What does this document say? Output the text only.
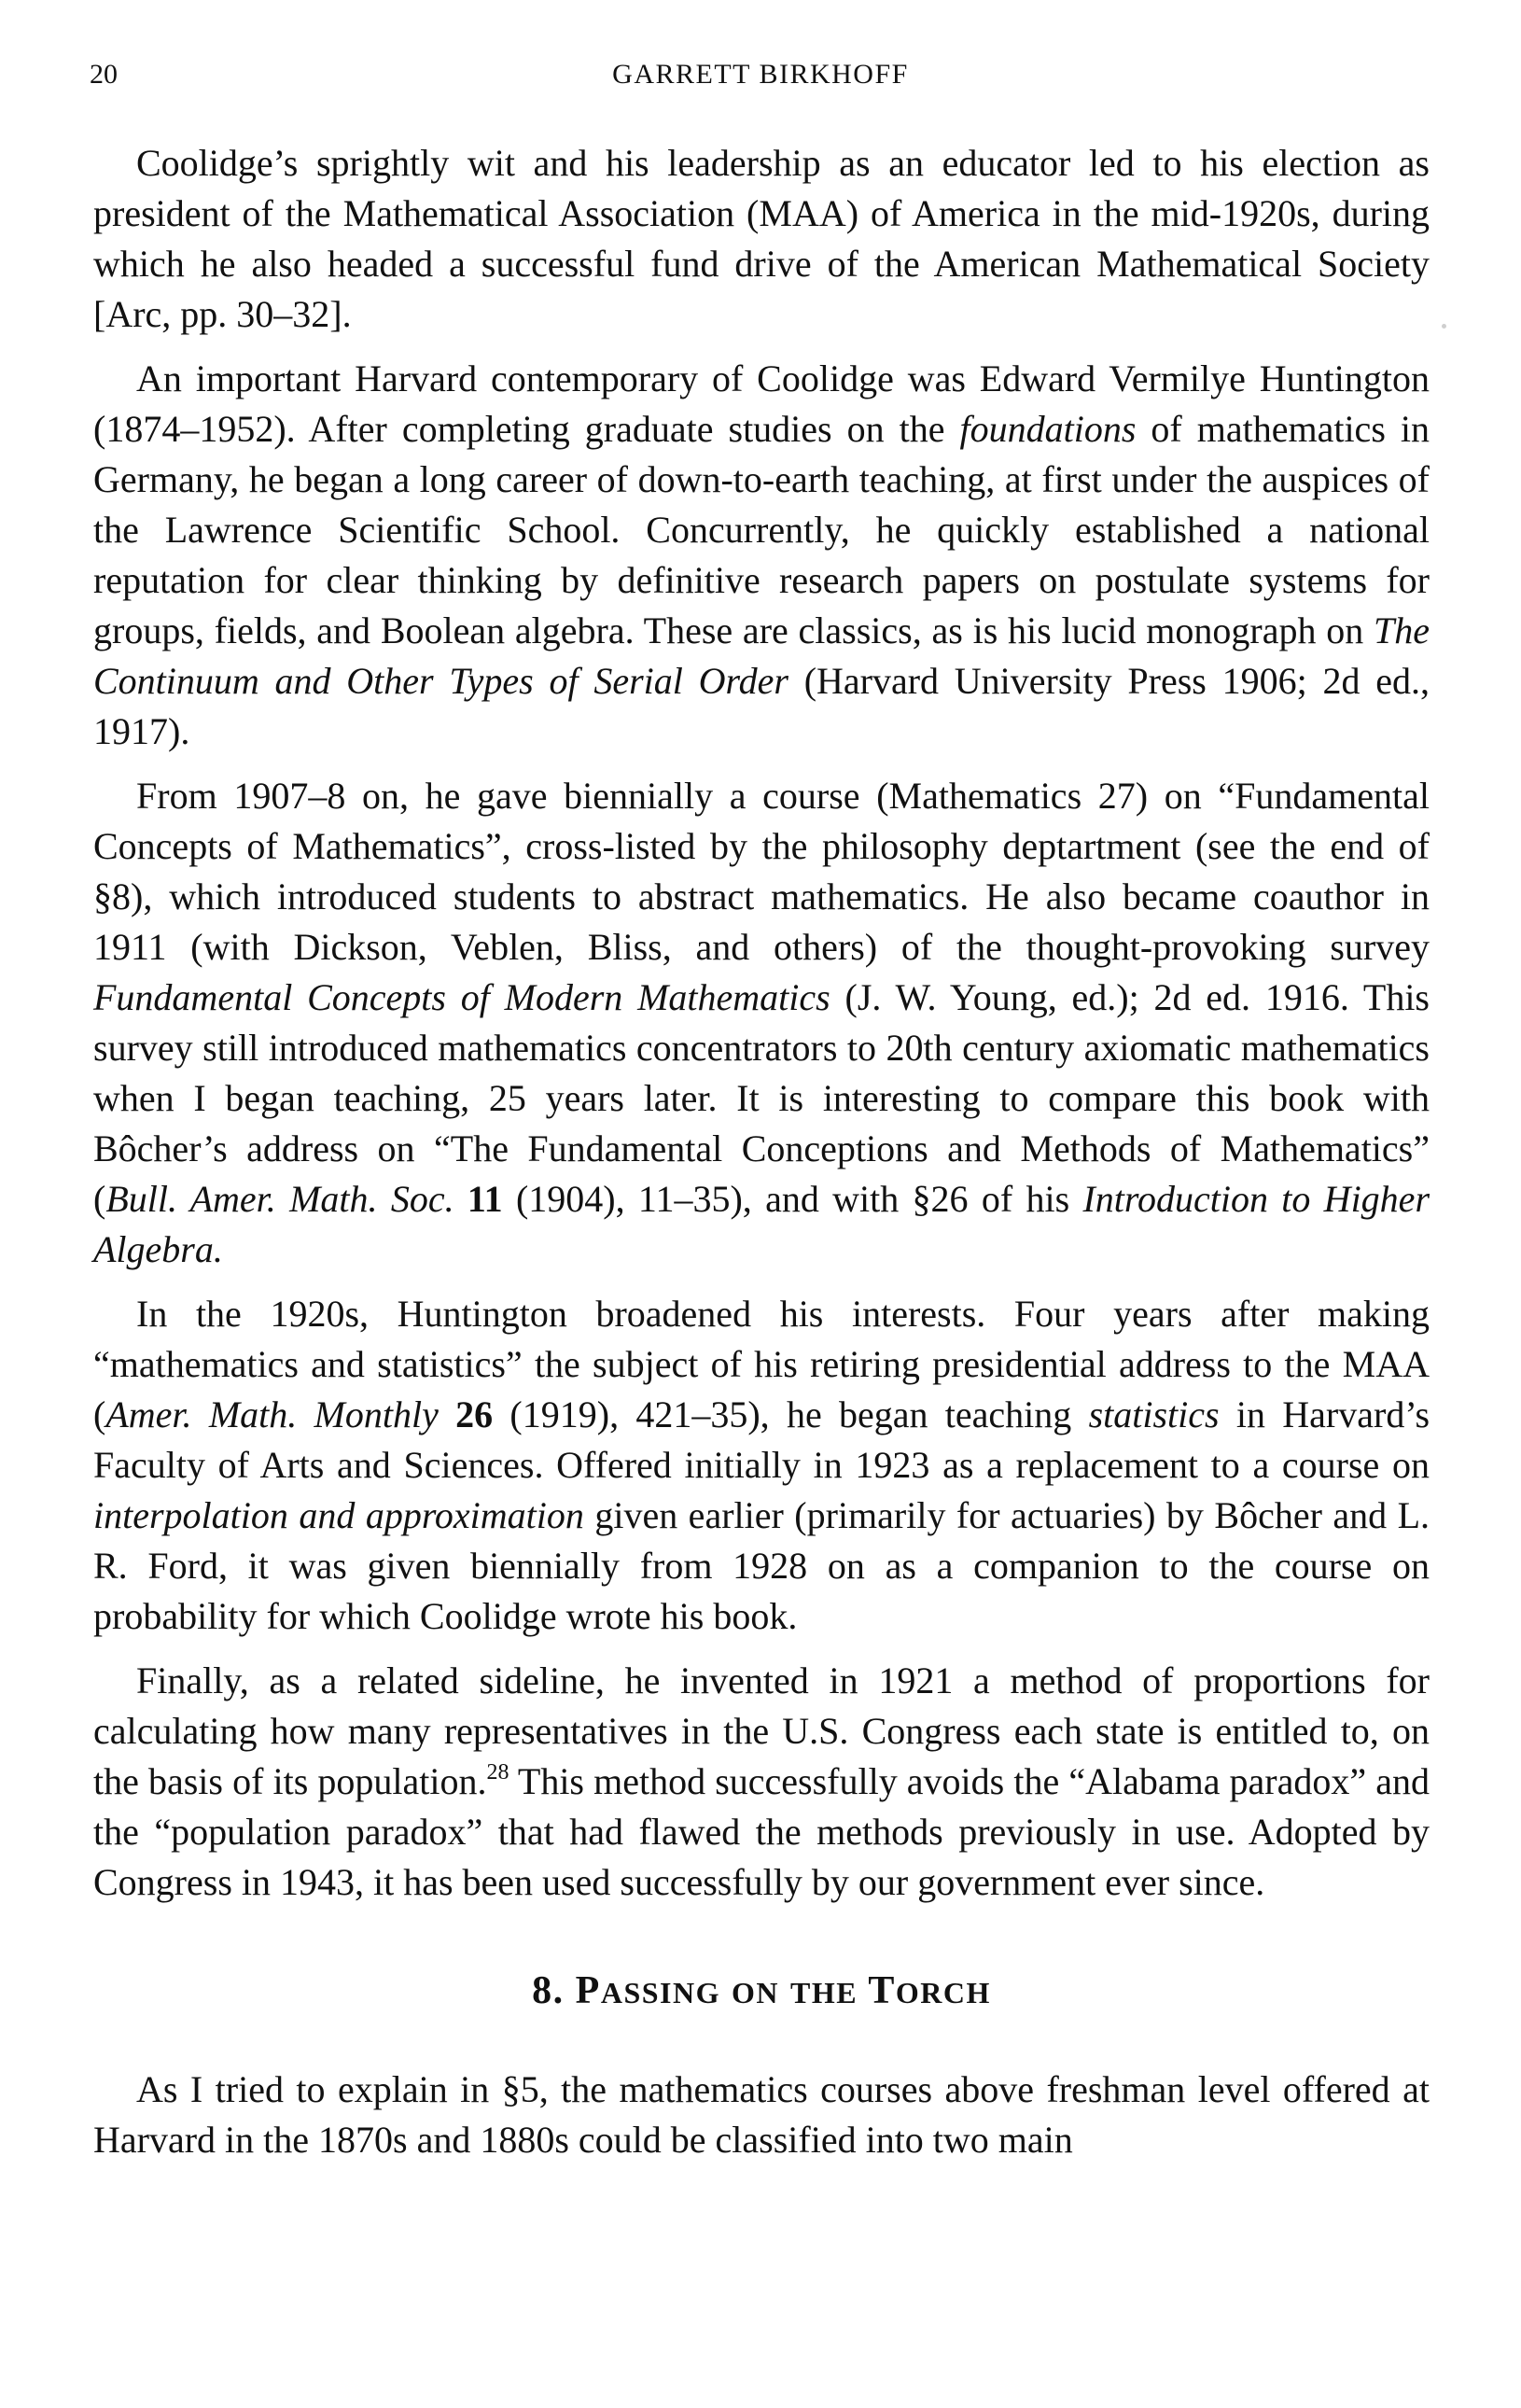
20	GARRETT BIRKHOFF

Coolidge’s sprightly wit and his leadership as an educator led to his election as president of the Mathematical Association (MAA) of America in the mid-1920s, during which he also headed a successful fund drive of the American Mathematical Society [Arc, pp. 30–32].

An important Harvard contemporary of Coolidge was Edward Vermilye Huntington (1874–1952). After completing graduate studies on the foundations of mathematics in Germany, he began a long career of down-to-earth teaching, at first under the auspices of the Lawrence Scientific School. Concurrently, he quickly established a national reputation for clear thinking by definitive research papers on postulate systems for groups, fields, and Boolean algebra. These are classics, as is his lucid monograph on The Continuum and Other Types of Serial Order (Harvard University Press 1906; 2d ed., 1917).

From 1907–8 on, he gave biennially a course (Mathematics 27) on “Fundamental Concepts of Mathematics”, cross-listed by the philosophy deptartment (see the end of §8), which introduced students to abstract mathematics. He also became coauthor in 1911 (with Dickson, Veblen, Bliss, and others) of the thought-provoking survey Fundamental Concepts of Modern Mathematics (J. W. Young, ed.); 2d ed. 1916. This survey still introduced mathematics concentrators to 20th century axiomatic mathematics when I began teaching, 25 years later. It is interesting to compare this book with Bôcher’s address on “The Fundamental Conceptions and Methods of Mathematics” (Bull. Amer. Math. Soc. 11 (1904), 11–35), and with §26 of his Introduction to Higher Algebra.

In the 1920s, Huntington broadened his interests. Four years after making “mathematics and statistics” the subject of his retiring presidential address to the MAA (Amer. Math. Monthly 26 (1919), 421–35), he began teaching statistics in Harvard’s Faculty of Arts and Sciences. Offered initially in 1923 as a replacement to a course on interpolation and approximation given earlier (primarily for actuaries) by Bôcher and L. R. Ford, it was given biennially from 1928 on as a companion to the course on probability for which Coolidge wrote his book.

Finally, as a related sideline, he invented in 1921 a method of proportions for calculating how many representatives in the U.S. Congress each state is entitled to, on the basis of its population.$^{28}$ This method successfully avoids the “Alabama paradox” and the “population paradox” that had flawed the methods previously in use. Adopted by Congress in 1943, it has been used successfully by our government ever since.

8. PASSING ON THE TORCH

As I tried to explain in §5, the mathematics courses above freshman level offered at Harvard in the 1870s and 1880s could be classified into two main
